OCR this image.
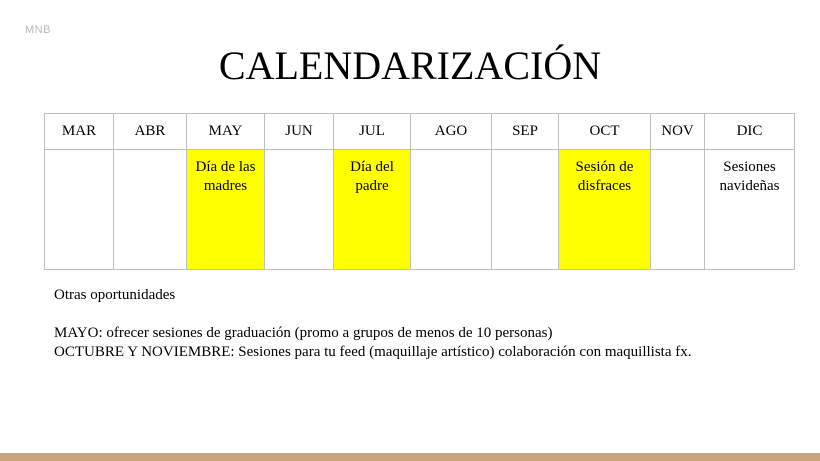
MNB
CALENDARIZACIÓN
MAR	ABR	MAY	JUN	JUL	AGO	SEP	OCT	NOV	DIC
		Día de las madres		Día del padre			Sesión de disfraces		Sesiones navideñas

Otras oportunidades

MAYO: ofrecer sesiones de graduación (promo a grupos de menos de 10 personas)

OCTUBRE Y NOVIEMBRE: Sesiones para tu feed (maquillaje artístico) colaboración con maquillista fx.
